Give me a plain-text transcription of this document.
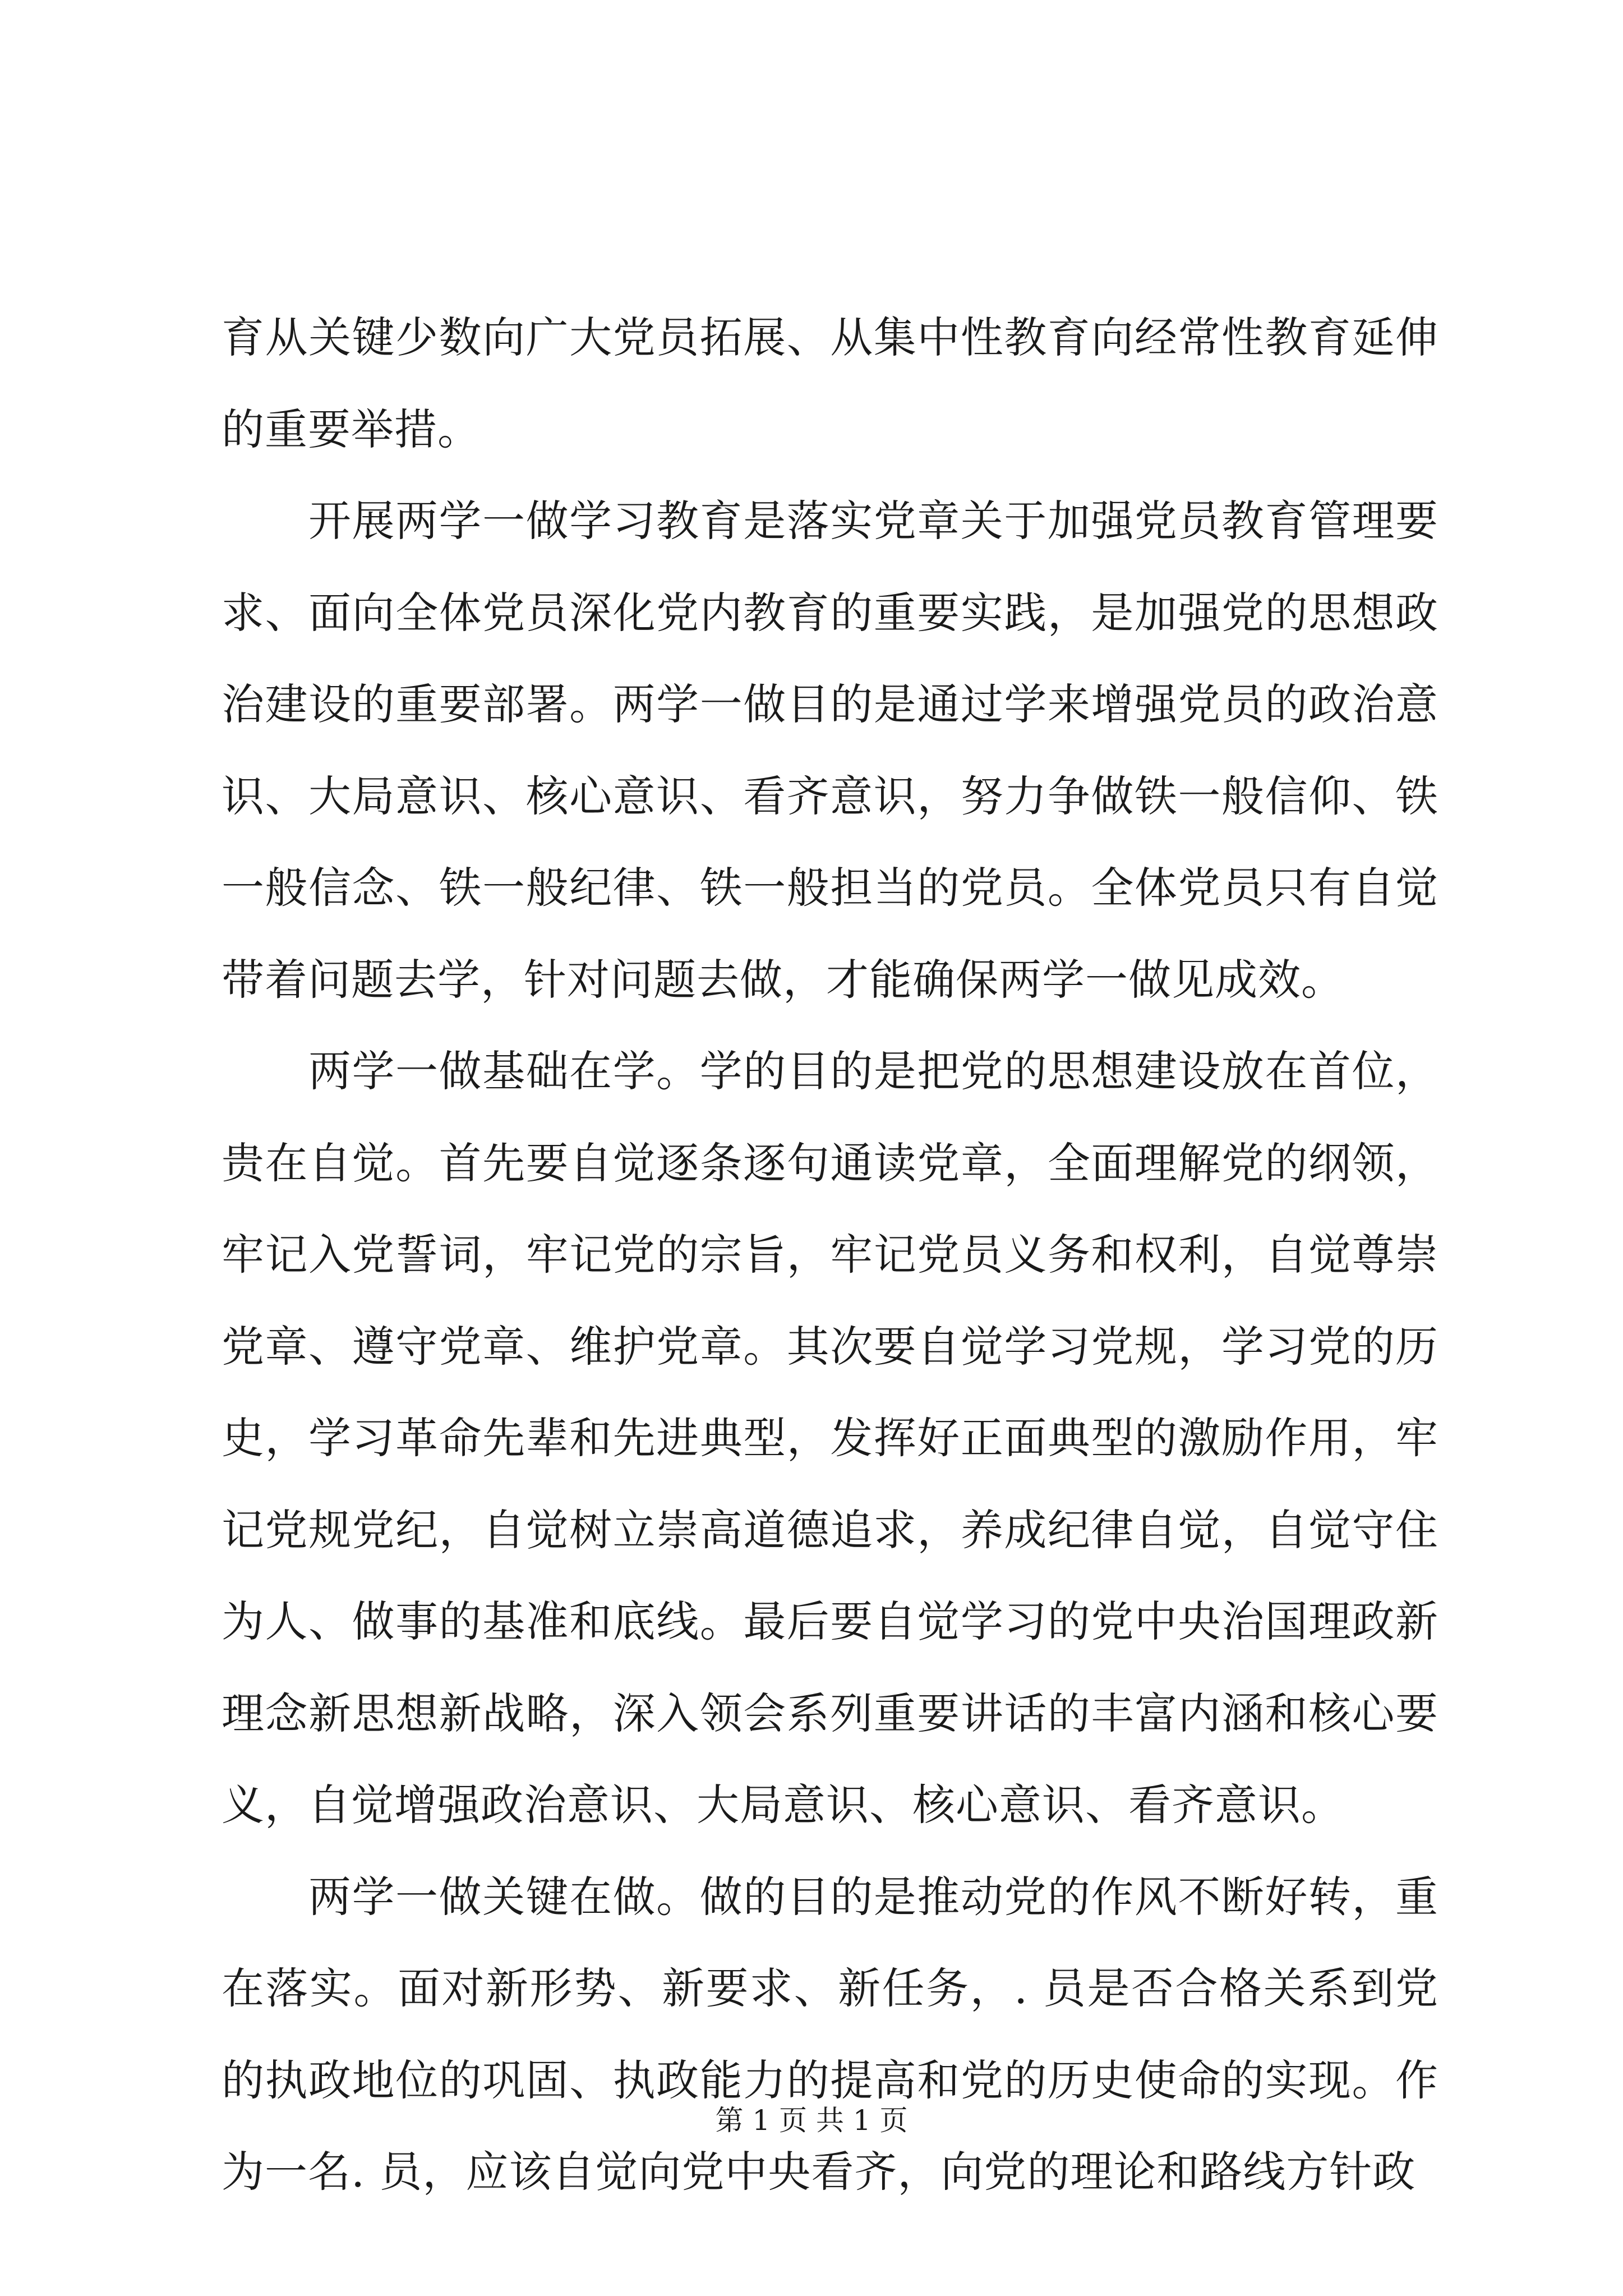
育从关键少数向广大党员拓展、从集中性教育向经常性教育延伸的重要举措。

开展两学一做学习教育是落实党章关于加强党员教育管理要求、面向全体党员深化党内教育的重要实践，是加强党的思想政治建设的重要部署。两学一做目的是通过学来增强党员的政治意识、大局意识、核心意识、看齐意识，努力争做铁一般信仰、铁一般信念、铁一般纪律、铁一般担当的党员。全体党员只有自觉带着问题去学，针对问题去做，才能确保两学一做见成效。

两学一做基础在学。学的目的是把党的思想建设放在首位，贵在自觉。首先要自觉逐条逐句通读党章，全面理解党的纲领，牢记入党誓词，牢记党的宗旨，牢记党员义务和权利，自觉尊崇党章、遵守党章、维护党章。其次要自觉学习党规，学习党的历史，学习革命先辈和先进典型，发挥好正面典型的激励作用，牢记党规党纪，自觉树立崇高道德追求，养成纪律自觉，自觉守住为人、做事的基准和底线。最后要自觉学习的党中央治国理政新理念新思想新战略，深入领会系列重要讲话的丰富内涵和核心要义，自觉增强政治意识、大局意识、核心意识、看齐意识。

两学一做关键在做。做的目的是推动党的作风不断好转，重在落实。面对新形势、新要求、新任务，. 员是否合格关系到党的执政地位的巩固、执政能力的提高和党的历史使命的实现。作为一名. 员，应该自觉向党中央看齐，向党的理论和路线方针政

第 1 页 共 1 页
